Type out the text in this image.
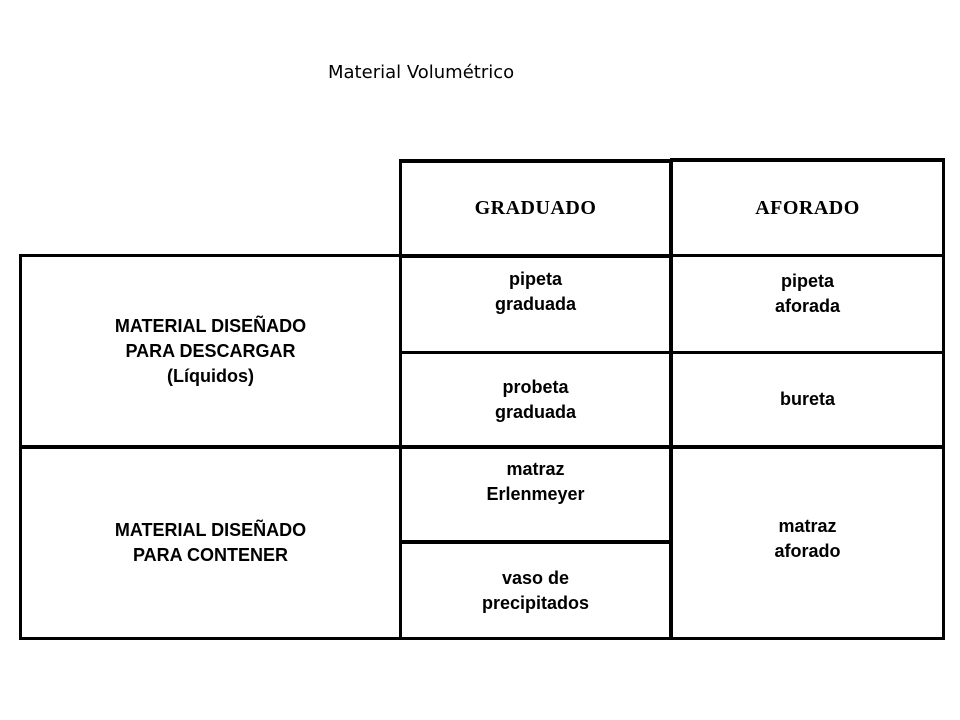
Material Volumétrico
GRADUADO	AFORADO
MATERIAL DISEÑADO
PARA DESCARGAR
(Líquidos)
MATERIAL DISEÑADO
PARA CONTENER
pipeta
graduada
probeta
graduada
matraz
Erlenmeyer
vaso de
precipitados
pipeta
aforada
bureta
matraz
aforado
